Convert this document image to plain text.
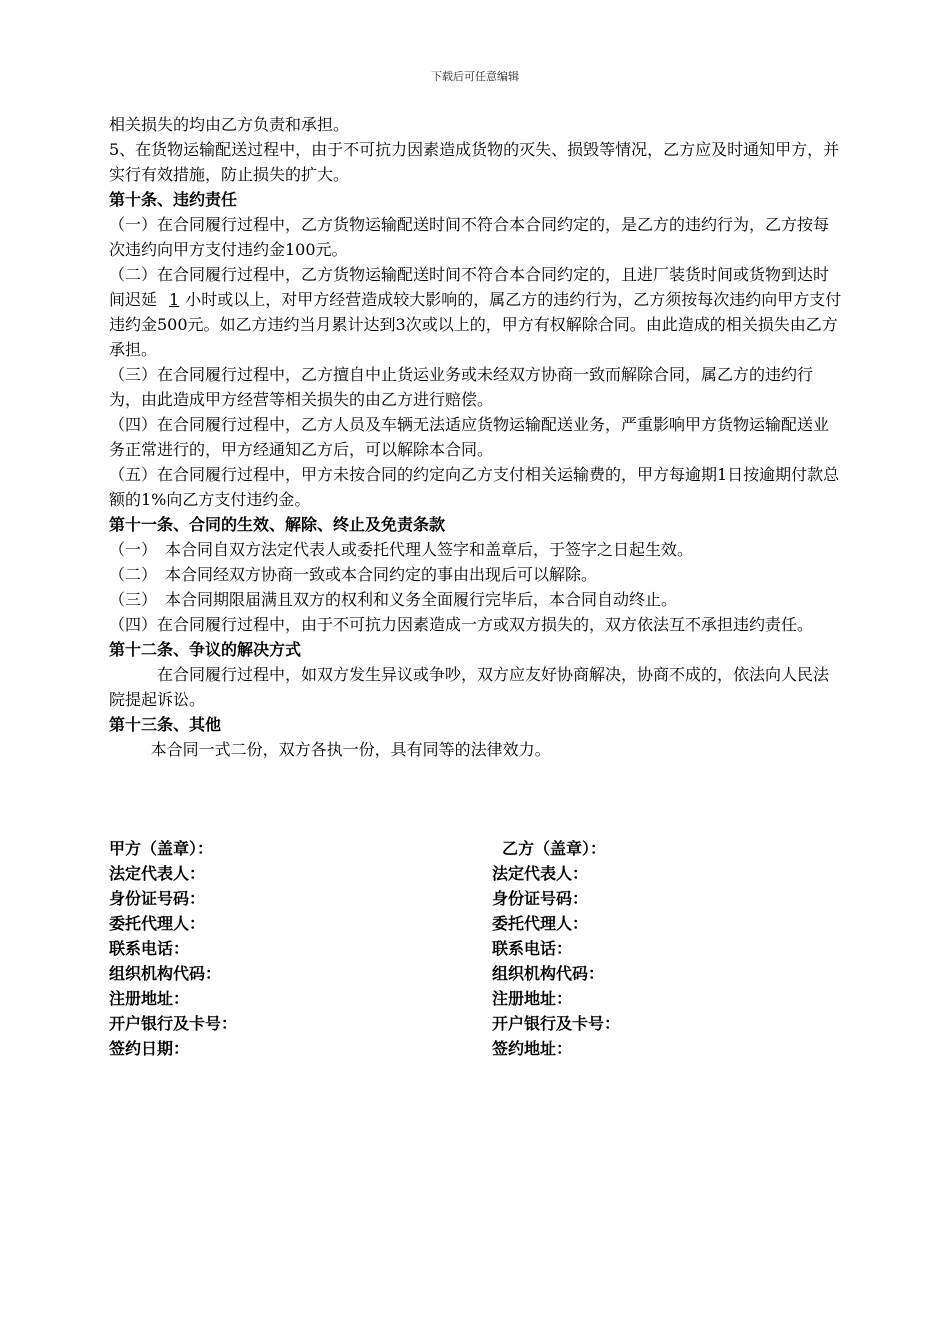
下载后可任意编辑

相关损失的均由乙方负责和承担。

5、在货物运输配送过程中，由于不可抗力因素造成货物的灭失、损毁等情况，乙方应及时通知甲方，并实行有效措施，防止损失的扩大。

第十条、违约责任

（一）在合同履行过程中，乙方货物运输配送时间不符合本合同约定的，是乙方的违约行为，乙方按每次违约向甲方支付违约金100元。

（二）在合同履行过程中，乙方货物运输配送时间不符合本合同约定的，且进厂装货时间或货物到达时间迟延 1 小时或以上，对甲方经营造成较大影响的，属乙方的违约行为，乙方须按每次违约向甲方支付违约金500元。如乙方违约当月累计达到3次或以上的，甲方有权解除合同。由此造成的相关损失由乙方承担。

（三）在合同履行过程中，乙方擅自中止货运业务或未经双方协商一致而解除合同，属乙方的违约行为，由此造成甲方经营等相关损失的由乙方进行赔偿。

（四）在合同履行过程中，乙方人员及车辆无法适应货物运输配送业务，严重影响甲方货物运输配送业务正常进行的，甲方经通知乙方后，可以解除本合同。

（五）在合同履行过程中，甲方未按合同的约定向乙方支付相关运输费的，甲方每逾期1日按逾期付款总额的1%向乙方支付违约金。

第十一条、合同的生效、解除、终止及免责条款

（一）　本合同自双方法定代表人或委托代理人签字和盖章后，于签字之日起生效。

（二）　本合同经双方协商一致或本合同约定的事由出现后可以解除。

（三）　本合同期限届满且双方的权利和义务全面履行完毕后，本合同自动终止。

（四）在合同履行过程中，由于不可抗力因素造成一方或双方损失的，双方依法互不承担违约责任。

第十二条、争议的解决方式

在合同履行过程中，如双方发生异议或争吵，双方应友好协商解决，协商不成的，依法向人民法院提起诉讼。

第十三条、其他

本合同一式二份，双方各执一份，具有同等的法律效力。

甲方（盖章）：
法定代表人：
身份证号码：
委托代理人：
联系电话：
组织机构代码：
注册地址：
开户银行及卡号：
签约日期：
乙方（盖章）：
法定代表人：
身份证号码：
委托代理人：
联系电话：
组织机构代码：
注册地址：
开户银行及卡号：
签约地址：
